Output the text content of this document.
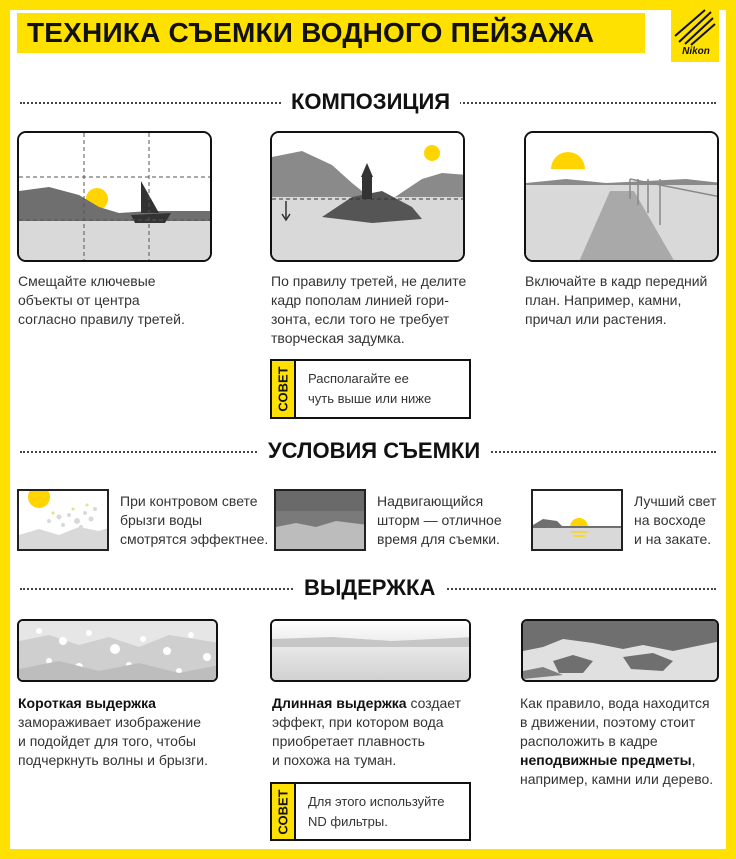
ТЕХНИКА СЪЕМКИ ВОДНОГО ПЕЙЗАЖА
Nikon
КОМПОЗИЦИЯ
Смещайте ключевые
объекты от центра
согласно правилу третей.
По правилу третей, не делите
кадр пополам линией гори-
зонта, если того не требует
творческая задумка.
СОВЕТ Располагайте ее
чуть выше или ниже
Включайте в кадр передний
план. Например, камни,
причал или растения.
УСЛОВИЯ СЪЕМКИ
При контровом свете
брызги воды
смотрятся эффектнее.
Надвигающийся
шторм — отличное
время для съемки.
Лучший свет
на восходе
и на закате.
ВЫДЕРЖКА
Короткая выдержка
замораживает изображение
и подойдет для того, чтобы
подчеркнуть волны и брызги.
Длинная выдержка создает
эффект, при котором вода
приобретает плавность
и похожа на туман.
СОВЕТ Для этого используйте
ND фильтры.
Как правило, вода находится
в движении, поэтому стоит
расположить в кадре
неподвижные предметы,
например, камни или дерево.
